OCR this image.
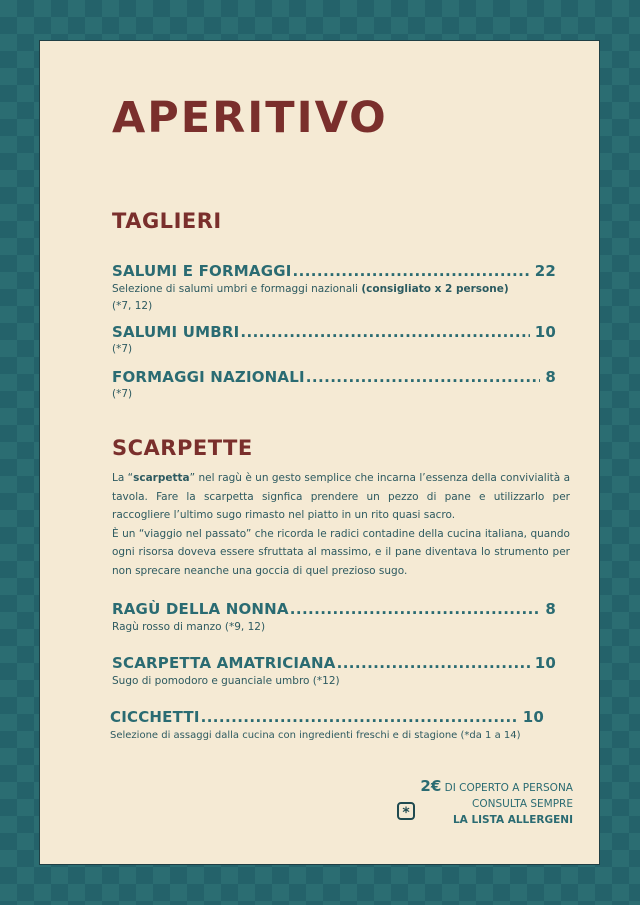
APERITIVO
TAGLIERI
SALUMI E FORMAGGI .....	22
Selezione di salumi umbri e formaggi nazionali (consigliato x 2 persone)
(*7, 12)
SALUMI UMBRI .....	10
(*7)
FORMAGGI NAZIONALI .....	8
(*7)
SCARPETTE

La “scarpetta” nel ragù è un gesto semplice che incarna l’essenza della convivialità a tavola. Fare la scarpetta signfica prendere un pezzo di pane e utilizzarlo per raccogliere l’ultimo sugo rimasto nel piatto in un rito quasi sacro.

È un “viaggio nel passato” che ricorda le radici contadine della cucina italiana, quando ogni risorsa doveva essere sfruttata al massimo, e il pane diventava lo strumento per non sprecare neanche una goccia di quel prezioso sugo.

RAGÙ DELLA NONNA .....	8
Ragù rosso di manzo (*9, 12)
SCARPETTA AMATRICIANA .....	10
Sugo di pomodoro e guanciale umbro (*12)
CICCHETTI .....	10
Selezione di assaggi dalla cucina con ingredienti freschi e di stagione (*da 1 a 14)
*
2€ DI COPERTO A PERSONA
CONSULTA SEMPRE
LA LISTA ALLERGENI
